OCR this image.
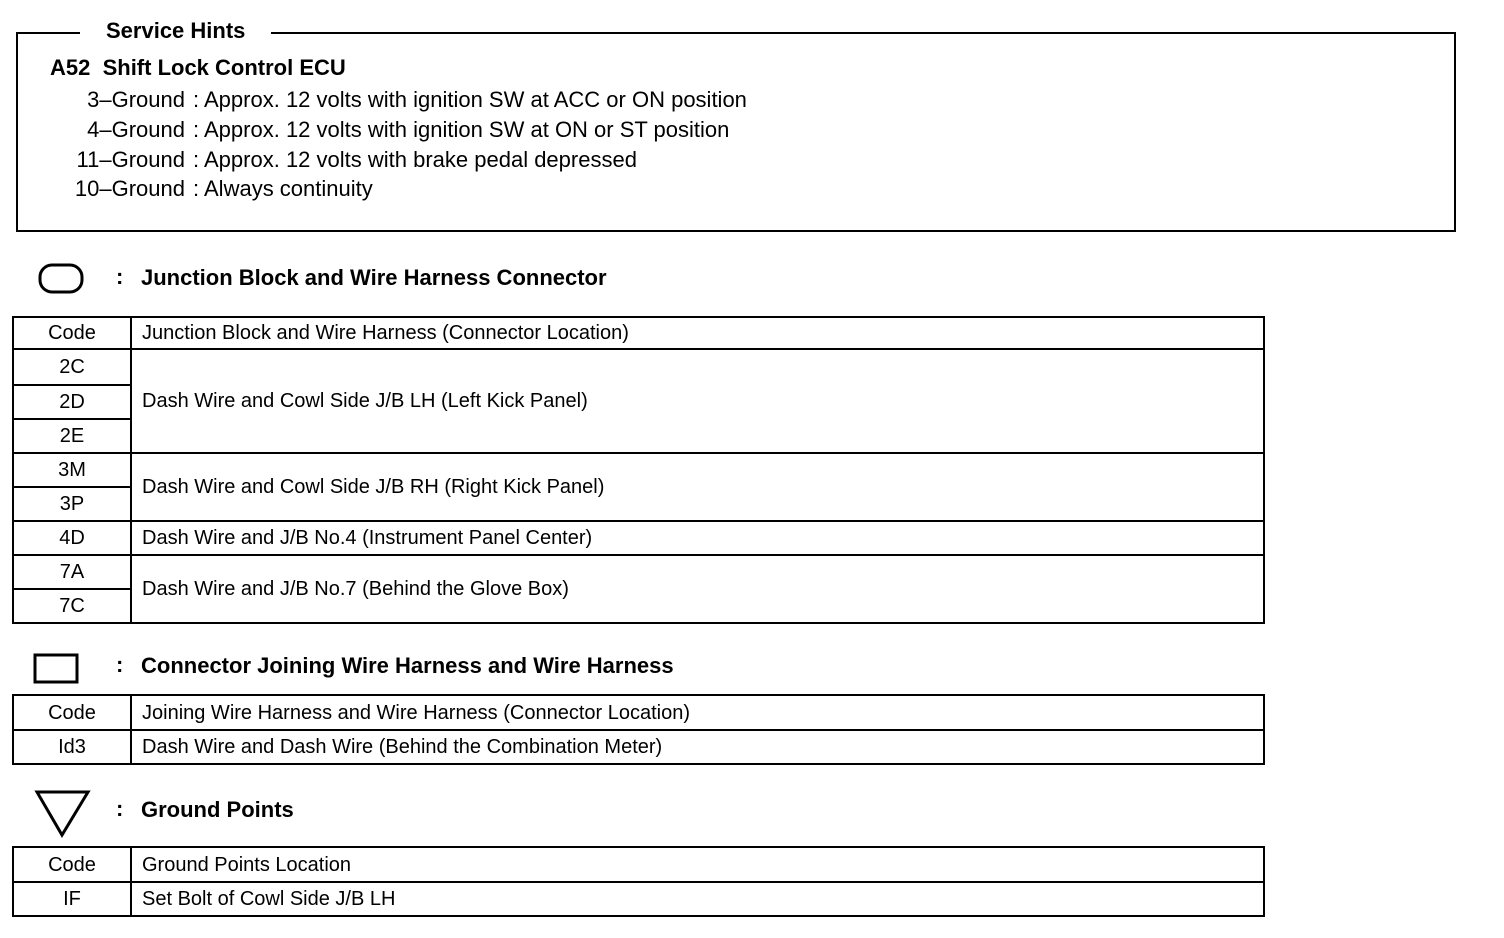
Service Hints
A52  Shift Lock Control ECU
3–Ground : Approx. 12 volts with ignition SW at ACC or ON position
4–Ground : Approx. 12 volts with ignition SW at ON or ST position
11–Ground : Approx. 12 volts with brake pedal depressed
10–Ground : Always continuity
: Junction Block and Wire Harness Connector
Code	Junction Block and Wire Harness (Connector Location)
2C	Dash Wire and Cowl Side J/B LH (Left Kick Panel)
2D	
2E	
3M	Dash Wire and Cowl Side J/B RH (Right Kick Panel)
3P	
4D	Dash Wire and J/B No.4 (Instrument Panel Center)
7A	Dash Wire and J/B No.7 (Behind the Glove Box)
7C	
: Connector Joining Wire Harness and Wire Harness
Code	Joining Wire Harness and Wire Harness (Connector Location)
Id3	Dash Wire and Dash Wire (Behind the Combination Meter)
: Ground Points
Code	Ground Points Location
IF	Set Bolt of Cowl Side J/B LH
